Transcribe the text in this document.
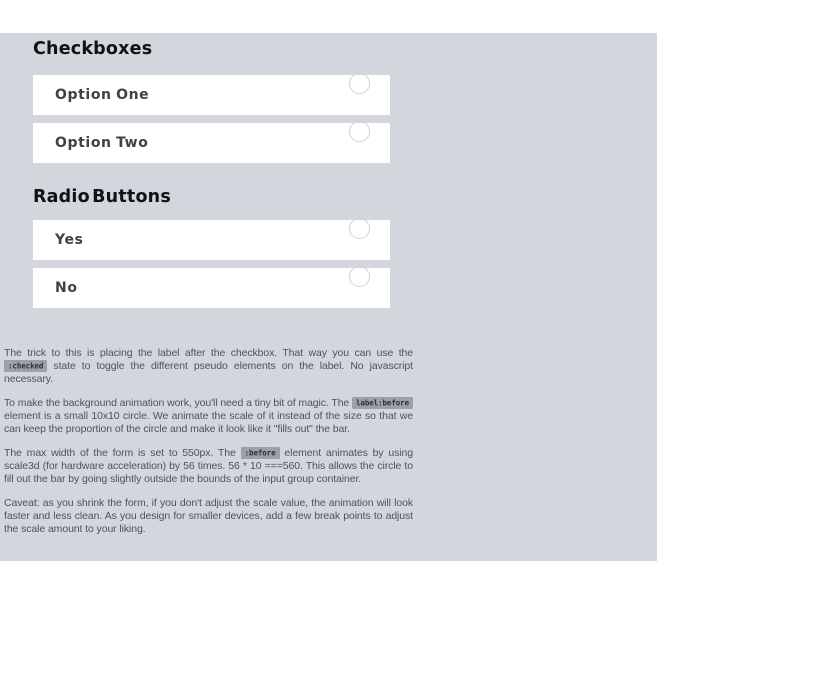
Checkboxes
Option One
Option Two
Radio Buttons
Yes
No

The trick to this is placing the label after the checkbox. That way you can use the :checked state to toggle the different pseudo elements on the label. No javascript necessary.

To make the background animation work, you'll need a tiny bit of magic. The label:before element is a small 10x10 circle. We animate the scale of it instead of the size so that we can keep the proportion of the circle and make it look like it "fills out" the bar.

The max width of the form is set to 550px. The :before element animates by using scale3d (for hardware acceleration) by 56 times. 56 * 10 ===560. This allows the circle to fill out the bar by going slightly outside the bounds of the input group container.

Caveat: as you shrink the form, if you don't adjust the scale value, the animation will look faster and less clean. As you design for smaller devices, add a few break points to adjust the scale amount to your liking.
